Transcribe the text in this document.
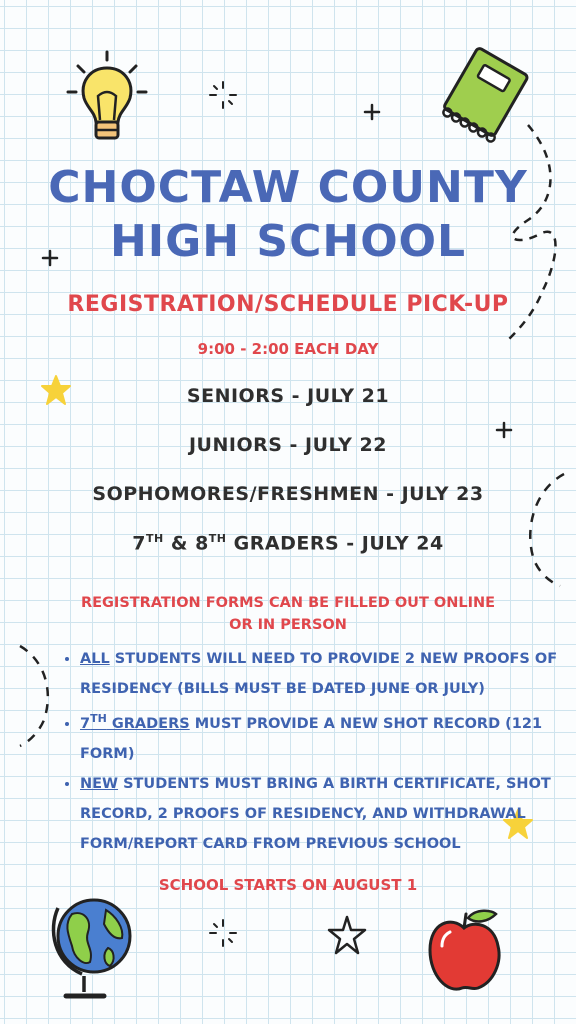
CHOCTAW COUNTY
HIGH SCHOOL
REGISTRATION/SCHEDULE PICK-UP
9:00 - 2:00 EACH DAY
SENIORS - JULY 21
JUNIORS - JULY 22
SOPHOMORES/FRESHMEN - JULY 23
7TH & 8TH GRADERS - JULY 24
REGISTRATION FORMS CAN BE FILLED OUT ONLINE
OR IN PERSON
• ALL STUDENTS WILL NEED TO PROVIDE 2 NEW PROOFS OF RESIDENCY (BILLS MUST BE DATED JUNE OR JULY)
• 7TH GRADERS MUST PROVIDE A NEW SHOT RECORD (121 FORM)
• NEW STUDENTS MUST BRING A BIRTH CERTIFICATE, SHOT RECORD, 2 PROOFS OF RESIDENCY, AND WITHDRAWAL FORM/REPORT CARD FROM PREVIOUS SCHOOL
SCHOOL STARTS ON AUGUST 1
